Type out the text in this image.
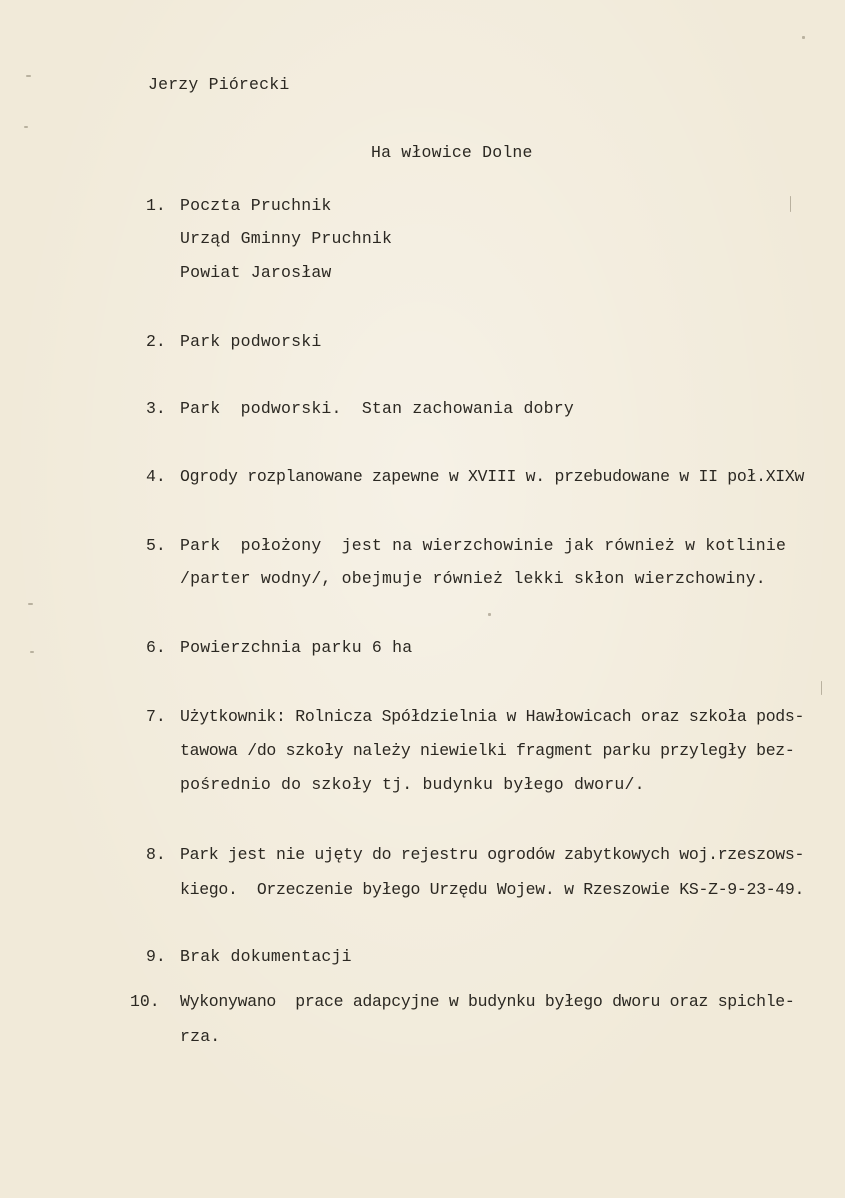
Jerzy Piórecki
Ha włowice Dolne
1. Poczta Pruchnik
Urząd Gminny Pruchnik
Powiat Jarosław
2. Park podworski
3. Park  podworski.  Stan zachowania dobry
4. Ogrody rozplanowane zapewne w XVIII w. przebudowane w II poł.XIXw
5. Park  położony  jest na wierzchowinie jak również w kotlinie
/parter wodny/, obejmuje również lekki skłon wierzchowiny.
6. Powierzchnia parku 6 ha
7. Użytkownik: Rolnicza Spółdzielnia w Hawłowicach oraz szkoła pods-
tawowa /do szkoły należy niewielki fragment parku przyległy bez-
pośrednio do szkoły tj. budynku byłego dworu/.
8. Park jest nie ujęty do rejestru ogrodów zabytkowych woj.rzeszows-
kiego.  Orzeczenie byłego Urzędu Wojew. w Rzeszowie KS-Z-9-23-49.
9. Brak dokumentacji
10. Wykonywano  prace adapcyjne w budynku byłego dworu oraz spichle-
rza.
